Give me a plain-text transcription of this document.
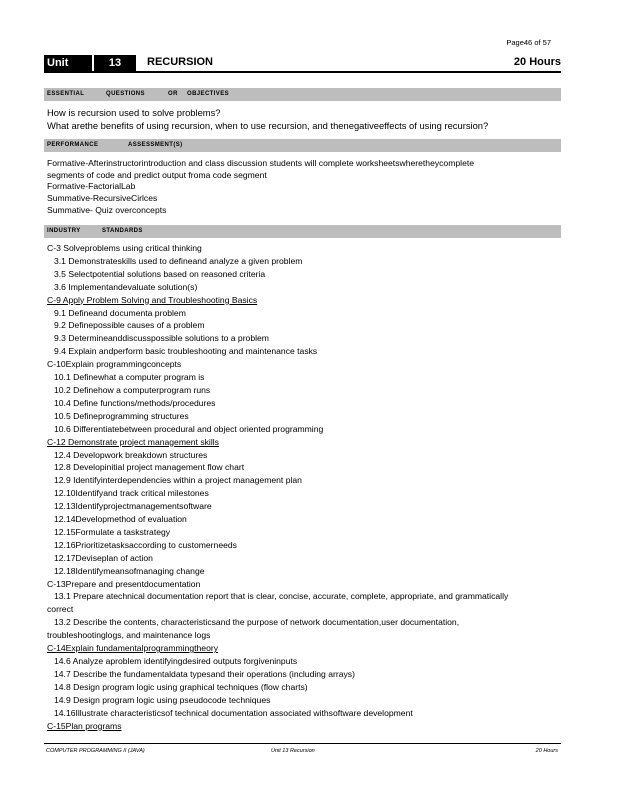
Page46 of 57
Unit	13	RECURSION	20 Hours
ESSENTIAL	QUESTIONS	OR OBJECTIVES
How is recursion used to solve problems?
What arethe benefits of using recursion, when to use recursion, and thenegativeeffects of using recursion?
PERFORMANCE	ASSESSMENT(S)
Formative-Afterinstructorintroduction and class discussion students will complete worksheetswheretheycomplete
segments of code and predict output froma code segment
Formative-FactorialLab
Summative-RecursiveCirlces
Summative- Quiz overconcepts
INDUSTRY	STANDARDS
C-3 Solveproblems using critical thinking
3.1 Demonstrateskills used to defineand analyze a given problem
3.5 Selectpotential solutions based on reasoned criteria
3.6 Implementandevaluate solution(s)
C-9 Apply Problem Solving and Troubleshooting Basics
9.1 Defineand documenta problem
9.2 Definepossible causes of a problem
9.3 Determineanddiscusspossible solutions to a problem
9.4 Explain andperform basic troubleshooting and maintenance tasks
C-10Explain programmingconcepts
10.1 Definewhat a computer program is
10.2 Definehow a computerprogram runs
10.4 Define functions/methods/procedures
10.5 Defineprogramming structures
10.6 Differentiatebetween procedural and object oriented programming
C-12 Demonstrate project management skills
12.4 Developwork breakdown structures
12.8 Developinitial project management flow chart
12.9 Identifyinterdependencies within a project management plan
12.10Identifyand track critical milestones
12.13Identifyprojectmanagementsoftware
12.14Developmethod of evaluation
12.15Formulate a taskstrategy
12.16Prioritizetasksaccording to customerneeds
12.17Deviseplan of action
12.18Identifymeansofmanaging change
C-13Prepare and presentdocumentation
13.1 Prepare atechnical documentation report that is clear, concise, accurate, complete, appropriate, and grammatically
correct
13.2 Describe the contents, characteristicsand the purpose of network documentation,user documentation,
troubleshootinglogs, and maintenance logs
C-14Explain fundamentalprogrammingtheory
14.6 Analyze aproblem identifyingdesired outputs forgiveninputs
14.7 Describe the fundamentaldata typesand their operations (including arrays)
14.8 Design program logic using graphical techniques (flow charts)
14.9 Design program logic using pseudocode techniques
14.16Illustrate characteristicsof technical documentation associated withsoftware development
C-15Plan programs
COMPUTER PROGRAMMING II (JAVA)	Unit 13 Recursion	20 Hours
